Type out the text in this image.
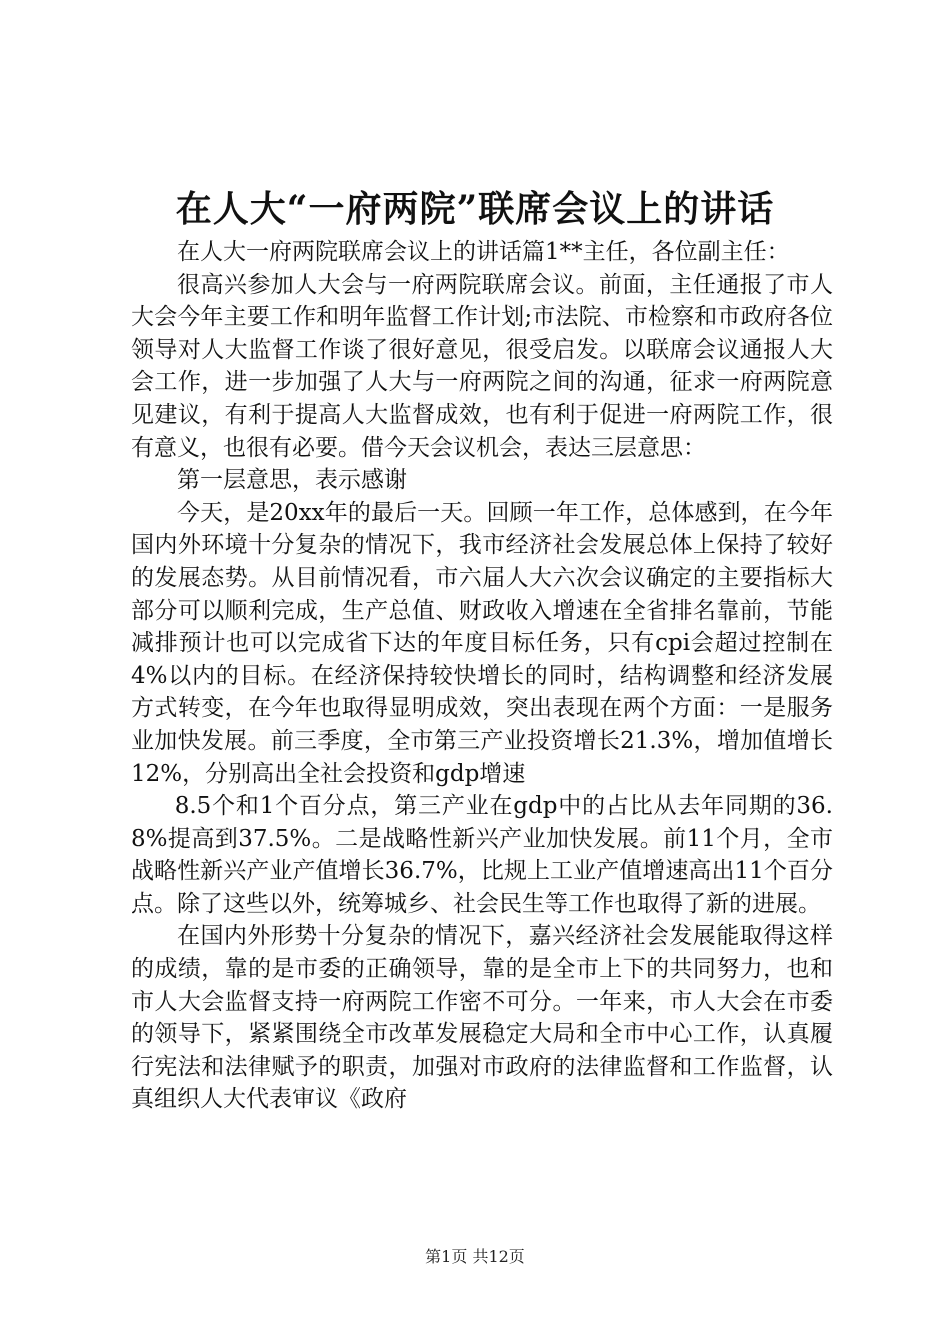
在人大“一府两院”联席会议上的讲话

在人大一府两院联席会议上的讲话篇1**主任，各位副主任：

很高兴参加人大会与一府两院联席会议。前面，主任通报了市人大会今年主要工作和明年监督工作计划;市法院、市检察和市政府各位领导对人大监督工作谈了很好意见，很受启发。以联席会议通报人大会工作，进一步加强了人大与一府两院之间的沟通，征求一府两院意见建议，有利于提高人大监督成效，也有利于促进一府两院工作，很有意义，也很有必要。借今天会议机会，表达三层意思：

第一层意思，表示感谢

今天，是20xx年的最后一天。回顾一年工作，总体感到，在今年国内外环境十分复杂的情况下，我市经济社会发展总体上保持了较好的发展态势。从目前情况看，市六届人大六次会议确定的主要指标大部分可以顺利完成，生产总值、财政收入增速在全省排名靠前，节能减排预计也可以完成省下达的年度目标任务，只有cpi会超过控制在4%以内的目标。在经济保持较快增长的同时，结构调整和经济发展方式转变，在今年也取得显明成效，突出表现在两个方面：一是服务业加快发展。前三季度，全市第三产业投资增长21.3%，增加值增长12%，分别高出全社会投资和gdp增速

8.5个和1个百分点，第三产业在gdp中的占比从去年同期的36.8%提高到37.5%。二是战略性新兴产业加快发展。前11个月，全市战略性新兴产业产值增长36.7%，比规上工业产值增速高出11个百分点。除了这些以外，统筹城乡、社会民生等工作也取得了新的进展。

在国内外形势十分复杂的情况下，嘉兴经济社会发展能取得这样的成绩，靠的是市委的正确领导，靠的是全市上下的共同努力，也和市人大会监督支持一府两院工作密不可分。一年来，市人大会在市委的领导下，紧紧围绕全市改革发展稳定大局和全市中心工作，认真履行宪法和法律赋予的职责，加强对市政府的法律监督和工作监督，认真组织人大代表审议《政府

第1页 共12页
